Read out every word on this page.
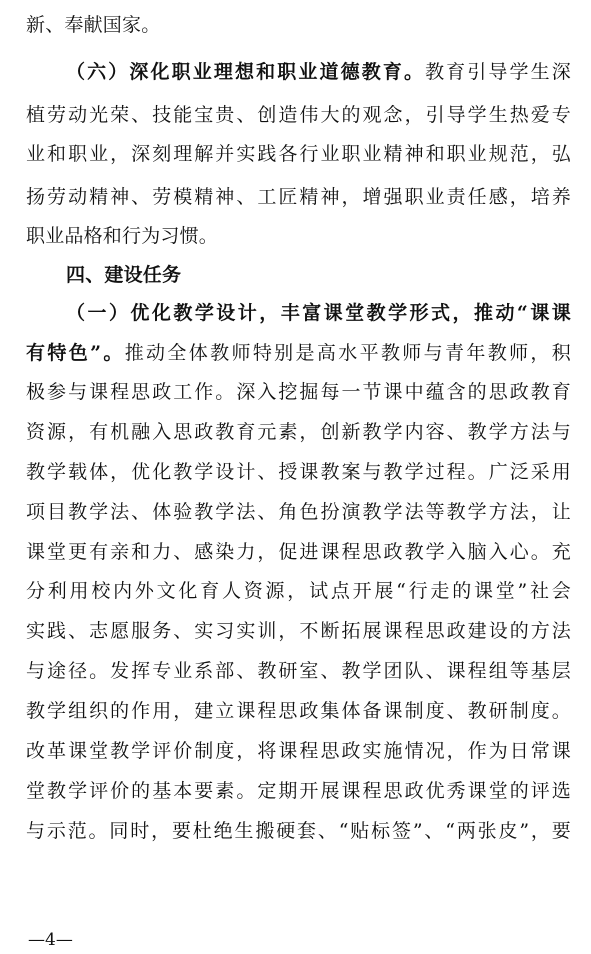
新、奉献国家。
（六）深化职业理想和职业道德教育。教育引导学生深
植劳动光荣、技能宝贵、创造伟大的观念，引导学生热爱专
业和职业，深刻理解并实践各行业职业精神和职业规范，弘
扬劳动精神、劳模精神、工匠精神，增强职业责任感，培养
职业品格和行为习惯。
四、建设任务
（一）优化教学设计，丰富课堂教学形式，推动“课课
有特色”。推动全体教师特别是高水平教师与青年教师，积
极参与课程思政工作。深入挖掘每一节课中蕴含的思政教育
资源，有机融入思政教育元素，创新教学内容、教学方法与
教学载体，优化教学设计、授课教案与教学过程。广泛采用
项目教学法、体验教学法、角色扮演教学法等教学方法，让
课堂更有亲和力、感染力，促进课程思政教学入脑入心。充
分利用校内外文化育人资源，试点开展“行走的课堂”社会
实践、志愿服务、实习实训，不断拓展课程思政建设的方法
与途径。发挥专业系部、教研室、教学团队、课程组等基层
教学组织的作用，建立课程思政集体备课制度、教研制度。
改革课堂教学评价制度，将课程思政实施情况，作为日常课
堂教学评价的基本要素。定期开展课程思政优秀课堂的评选
与示范。同时，要杜绝生搬硬套、“贴标签”、“两张皮”，要
—4—
